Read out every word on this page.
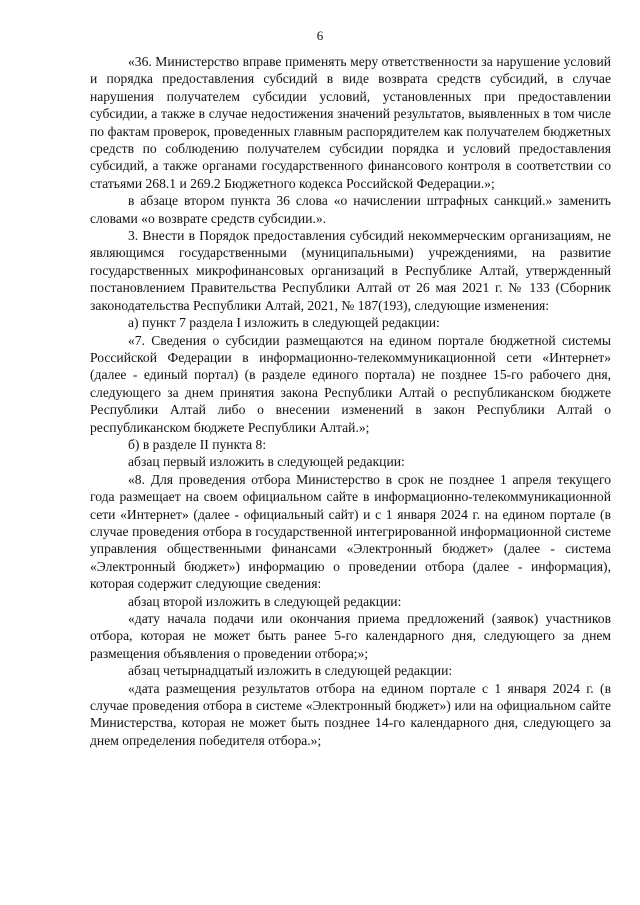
6

«36. Министерство вправе применять меру ответственности за нарушение условий и порядка предоставления субсидий в виде возврата средств субсидий, в случае нарушения получателем субсидии условий, установленных при предоставлении субсидии, а также в случае недостижения значений результатов, выявленных в том числе по фактам проверок, проведенных главным распорядителем как получателем бюджетных средств по соблюдению получателем субсидии порядка и условий предоставления субсидий, а также органами государственного финансового контроля в соответствии со статьями 268.1 и 269.2 Бюджетного кодекса Российской Федерации.»;

в абзаце втором пункта 36 слова «о начислении штрафных санкций.» заменить словами «о возврате средств субсидии.».

3. Внести в Порядок предоставления субсидий некоммерческим организациям, не являющимся государственными (муниципальными) учреждениями, на развитие государственных микрофинансовых организаций в Республике Алтай, утвержденный постановлением Правительства Республики Алтай от 26 мая 2021 г. № 133 (Сборник законодательства Республики Алтай, 2021, № 187(193), следующие изменения:

а) пункт 7 раздела I изложить в следующей редакции:

«7. Сведения о субсидии размещаются на едином портале бюджетной системы Российской Федерации в информационно-телекоммуникационной сети «Интернет» (далее - единый портал) (в разделе единого портала) не позднее 15-го рабочего дня, следующего за днем принятия закона Республики Алтай о республиканском бюджете Республики Алтай либо о внесении изменений в закон Республики Алтай о республиканском бюджете Республики Алтай.»;

б) в разделе II пункта 8:

абзац первый изложить в следующей редакции:

«8. Для проведения отбора Министерство в срок не позднее 1 апреля текущего года размещает на своем официальном сайте в информационно-телекоммуникационной сети «Интернет» (далее - официальный сайт) и с 1 января 2024 г. на едином портале (в случае проведения отбора в государственной интегрированной информационной системе управления общественными финансами «Электронный бюджет» (далее - система «Электронный бюджет») информацию о проведении отбора (далее - информация), которая содержит следующие сведения:

абзац второй изложить в следующей редакции:

«дату начала подачи или окончания приема предложений (заявок) участников отбора, которая не может быть ранее 5-го календарного дня, следующего за днем размещения объявления о проведении отбора;»;

абзац четырнадцатый изложить в следующей редакции:

«дата размещения результатов отбора на едином портале с 1 января 2024 г. (в случае проведения отбора в системе «Электронный бюджет») или на официальном сайте Министерства, которая не может быть позднее 14-го календарного дня, следующего за днем определения победителя отбора.»;
